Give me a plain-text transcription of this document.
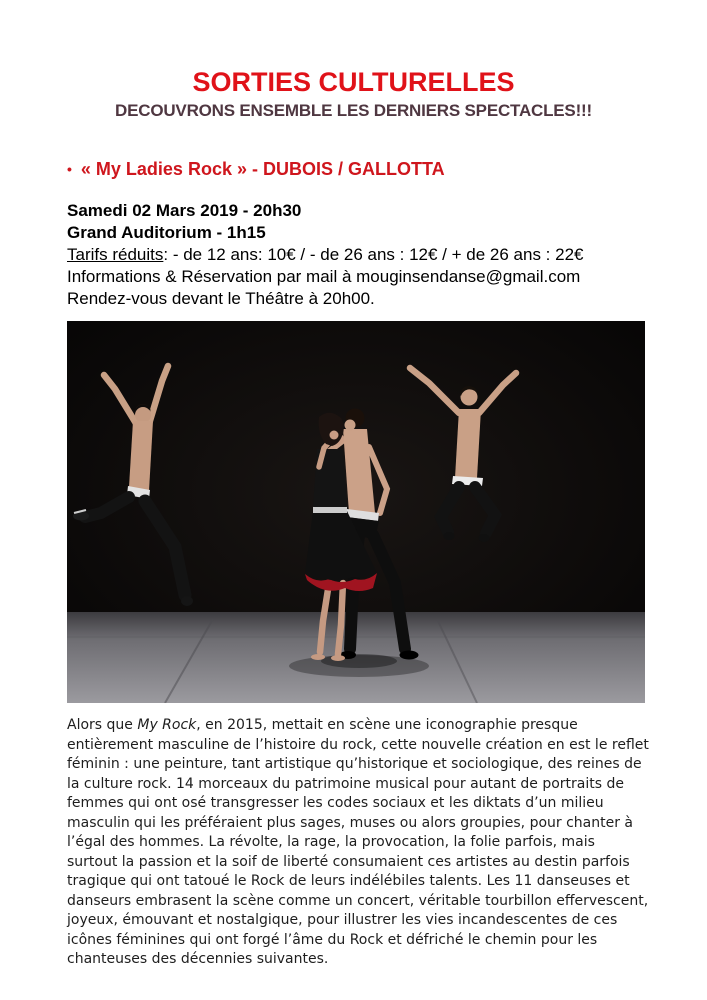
SORTIES CULTURELLES
DECOUVRONS ENSEMBLE LES DERNIERS SPECTACLES!!!
• « My Ladies Rock » - DUBOIS / GALLOTTA

Samedi 02 Mars 2019 - 20h30

Grand Auditorium - 1h15

Tarifs réduits: - de 12 ans: 10€ / - de 26 ans : 12€ / + de 26 ans : 22€

Informations & Réservation par mail à mouginsendanse@gmail.com

Rendez-vous devant le Théâtre à 20h00.

Alors que My Rock, en 2015, mettait en scène une iconographie presque entièrement masculine de l’histoire du rock, cette nouvelle création en est le reflet féminin : une peinture, tant artistique qu’historique et sociologique, des reines de la culture rock. 14 morceaux du patrimoine musical pour autant de portraits de femmes qui ont osé transgresser les codes sociaux et les diktats d’un milieu masculin qui les préféraient plus sages, muses ou alors groupies, pour chanter à l’égal des hommes. La révolte, la rage, la provocation, la folie parfois, mais surtout la passion et la soif de liberté consumaient ces artistes au destin parfois tragique qui ont tatoué le Rock de leurs indélébiles talents. Les 11 danseuses et danseurs embrasent la scène comme un concert, véritable tourbillon effervescent, joyeux, émouvant et nostalgique, pour illustrer les vies incandescentes de ces icônes féminines qui ont forgé l’âme du Rock et défriché le chemin pour les chanteuses des décennies suivantes.
